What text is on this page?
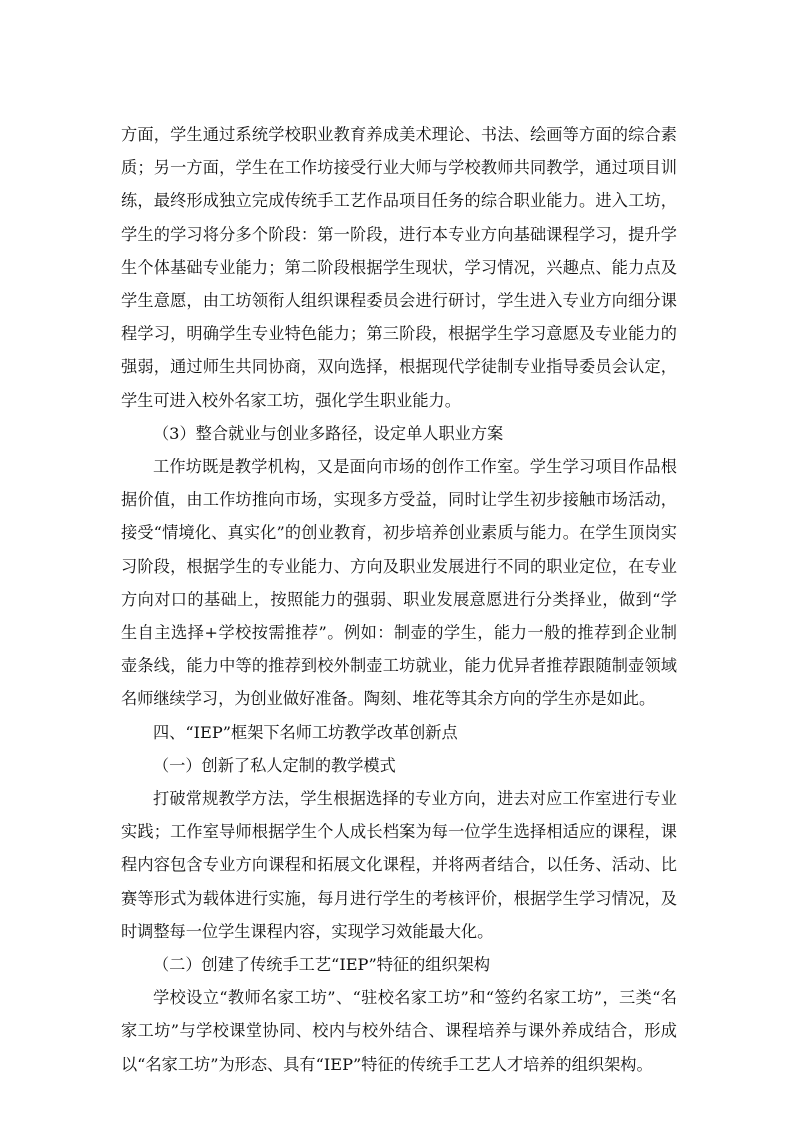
方面，学生通过系统学校职业教育养成美术理论、书法、绘画等方面的综合素质；另一方面，学生在工作坊接受行业大师与学校教师共同教学，通过项目训练，最终形成独立完成传统手工艺作品项目任务的综合职业能力。进入工坊，学生的学习将分多个阶段：第一阶段，进行本专业方向基础课程学习，提升学生个体基础专业能力；第二阶段根据学生现状，学习情况，兴趣点、能力点及学生意愿，由工坊领衔人组织课程委员会进行研讨，学生进入专业方向细分课程学习，明确学生专业特色能力；第三阶段，根据学生学习意愿及专业能力的强弱，通过师生共同协商，双向选择，根据现代学徒制专业指导委员会认定，学生可进入校外名家工坊，强化学生职业能力。

（3）整合就业与创业多路径，设定单人职业方案

工作坊既是教学机构，又是面向市场的创作工作室。学生学习项目作品根据价值，由工作坊推向市场，实现多方受益，同时让学生初步接触市场活动，接受“情境化、真实化”的创业教育，初步培养创业素质与能力。在学生顶岗实习阶段，根据学生的专业能力、方向及职业发展进行不同的职业定位，在专业方向对口的基础上，按照能力的强弱、职业发展意愿进行分类择业，做到“学生自主选择+学校按需推荐”。例如：制壶的学生，能力一般的推荐到企业制壶条线，能力中等的推荐到校外制壶工坊就业，能力优异者推荐跟随制壶领域名师继续学习，为创业做好准备。陶刻、堆花等其余方向的学生亦是如此。

四、“IEP”框架下名师工坊教学改革创新点

（一）创新了私人定制的教学模式

打破常规教学方法，学生根据选择的专业方向，进去对应工作室进行专业实践；工作室导师根据学生个人成长档案为每一位学生选择相适应的课程，课程内容包含专业方向课程和拓展文化课程，并将两者结合，以任务、活动、比赛等形式为载体进行实施，每月进行学生的考核评价，根据学生学习情况，及时调整每一位学生课程内容，实现学习效能最大化。

（二）创建了传统手工艺“IEP”特征的组织架构

学校设立“教师名家工坊”、“驻校名家工坊”和“签约名家工坊”，三类“名家工坊”与学校课堂协同、校内与校外结合、课程培养与课外养成结合，形成以“名家工坊”为形态、具有“IEP”特征的传统手工艺人才培养的组织架构。
